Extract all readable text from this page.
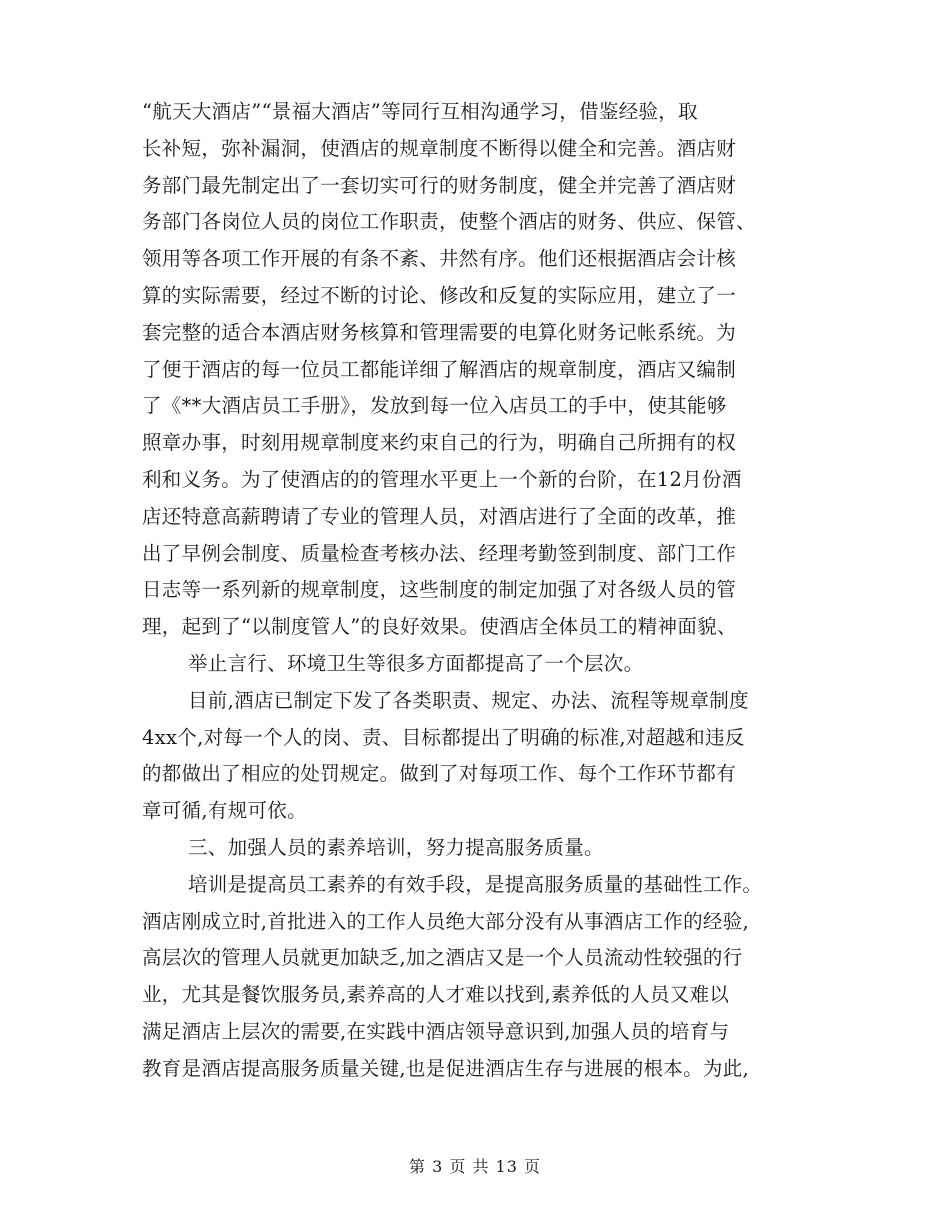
“航天大酒店”“景福大酒店”等同行互相沟通学习，借鉴经验，取
长补短，弥补漏洞，使酒店的规章制度不断得以健全和完善。酒店财
务部门最先制定出了一套切实可行的财务制度，健全并完善了酒店财
务部门各岗位人员的岗位工作职责，使整个酒店的财务、供应、保管、
领用等各项工作开展的有条不紊、井然有序。他们还根据酒店会计核
算的实际需要，经过不断的讨论、修改和反复的实际应用，建立了一
套完整的适合本酒店财务核算和管理需要的电算化财务记帐系统。为
了便于酒店的每一位员工都能详细了解酒店的规章制度，酒店又编制
了《**大酒店员工手册》，发放到每一位入店员工的手中，使其能够
照章办事，时刻用规章制度来约束自己的行为，明确自己所拥有的权
利和义务。为了使酒店的的管理水平更上一个新的台阶，在12月份酒
店还特意高薪聘请了专业的管理人员，对酒店进行了全面的改革，推
出了早例会制度、质量检查考核办法、经理考勤签到制度、部门工作
日志等一系列新的规章制度，这些制度的制定加强了对各级人员的管
理，起到了“以制度管人”的良好效果。使酒店全体员工的精神面貌、
举止言行、环境卫生等很多方面都提高了一个层次。
目前,酒店已制定下发了各类职责、规定、办法、流程等规章制度
4xx个,对每一个人的岗、责、目标都提出了明确的标准,对超越和违反
的都做出了相应的处罚规定。做到了对每项工作、每个工作环节都有
章可循,有规可依。
三、加强人员的素养培训，努力提高服务质量。
培训是提高员工素养的有效手段，是提高服务质量的基础性工作。
酒店刚成立时,首批进入的工作人员绝大部分没有从事酒店工作的经验,
高层次的管理人员就更加缺乏,加之酒店又是一个人员流动性较强的行
业，尤其是餐饮服务员,素养高的人才难以找到,素养低的人员又难以
满足酒店上层次的需要,在实践中酒店领导意识到,加强人员的培育与
教育是酒店提高服务质量关键,也是促进酒店生存与进展的根本。为此,
第 3 页 共 13 页
